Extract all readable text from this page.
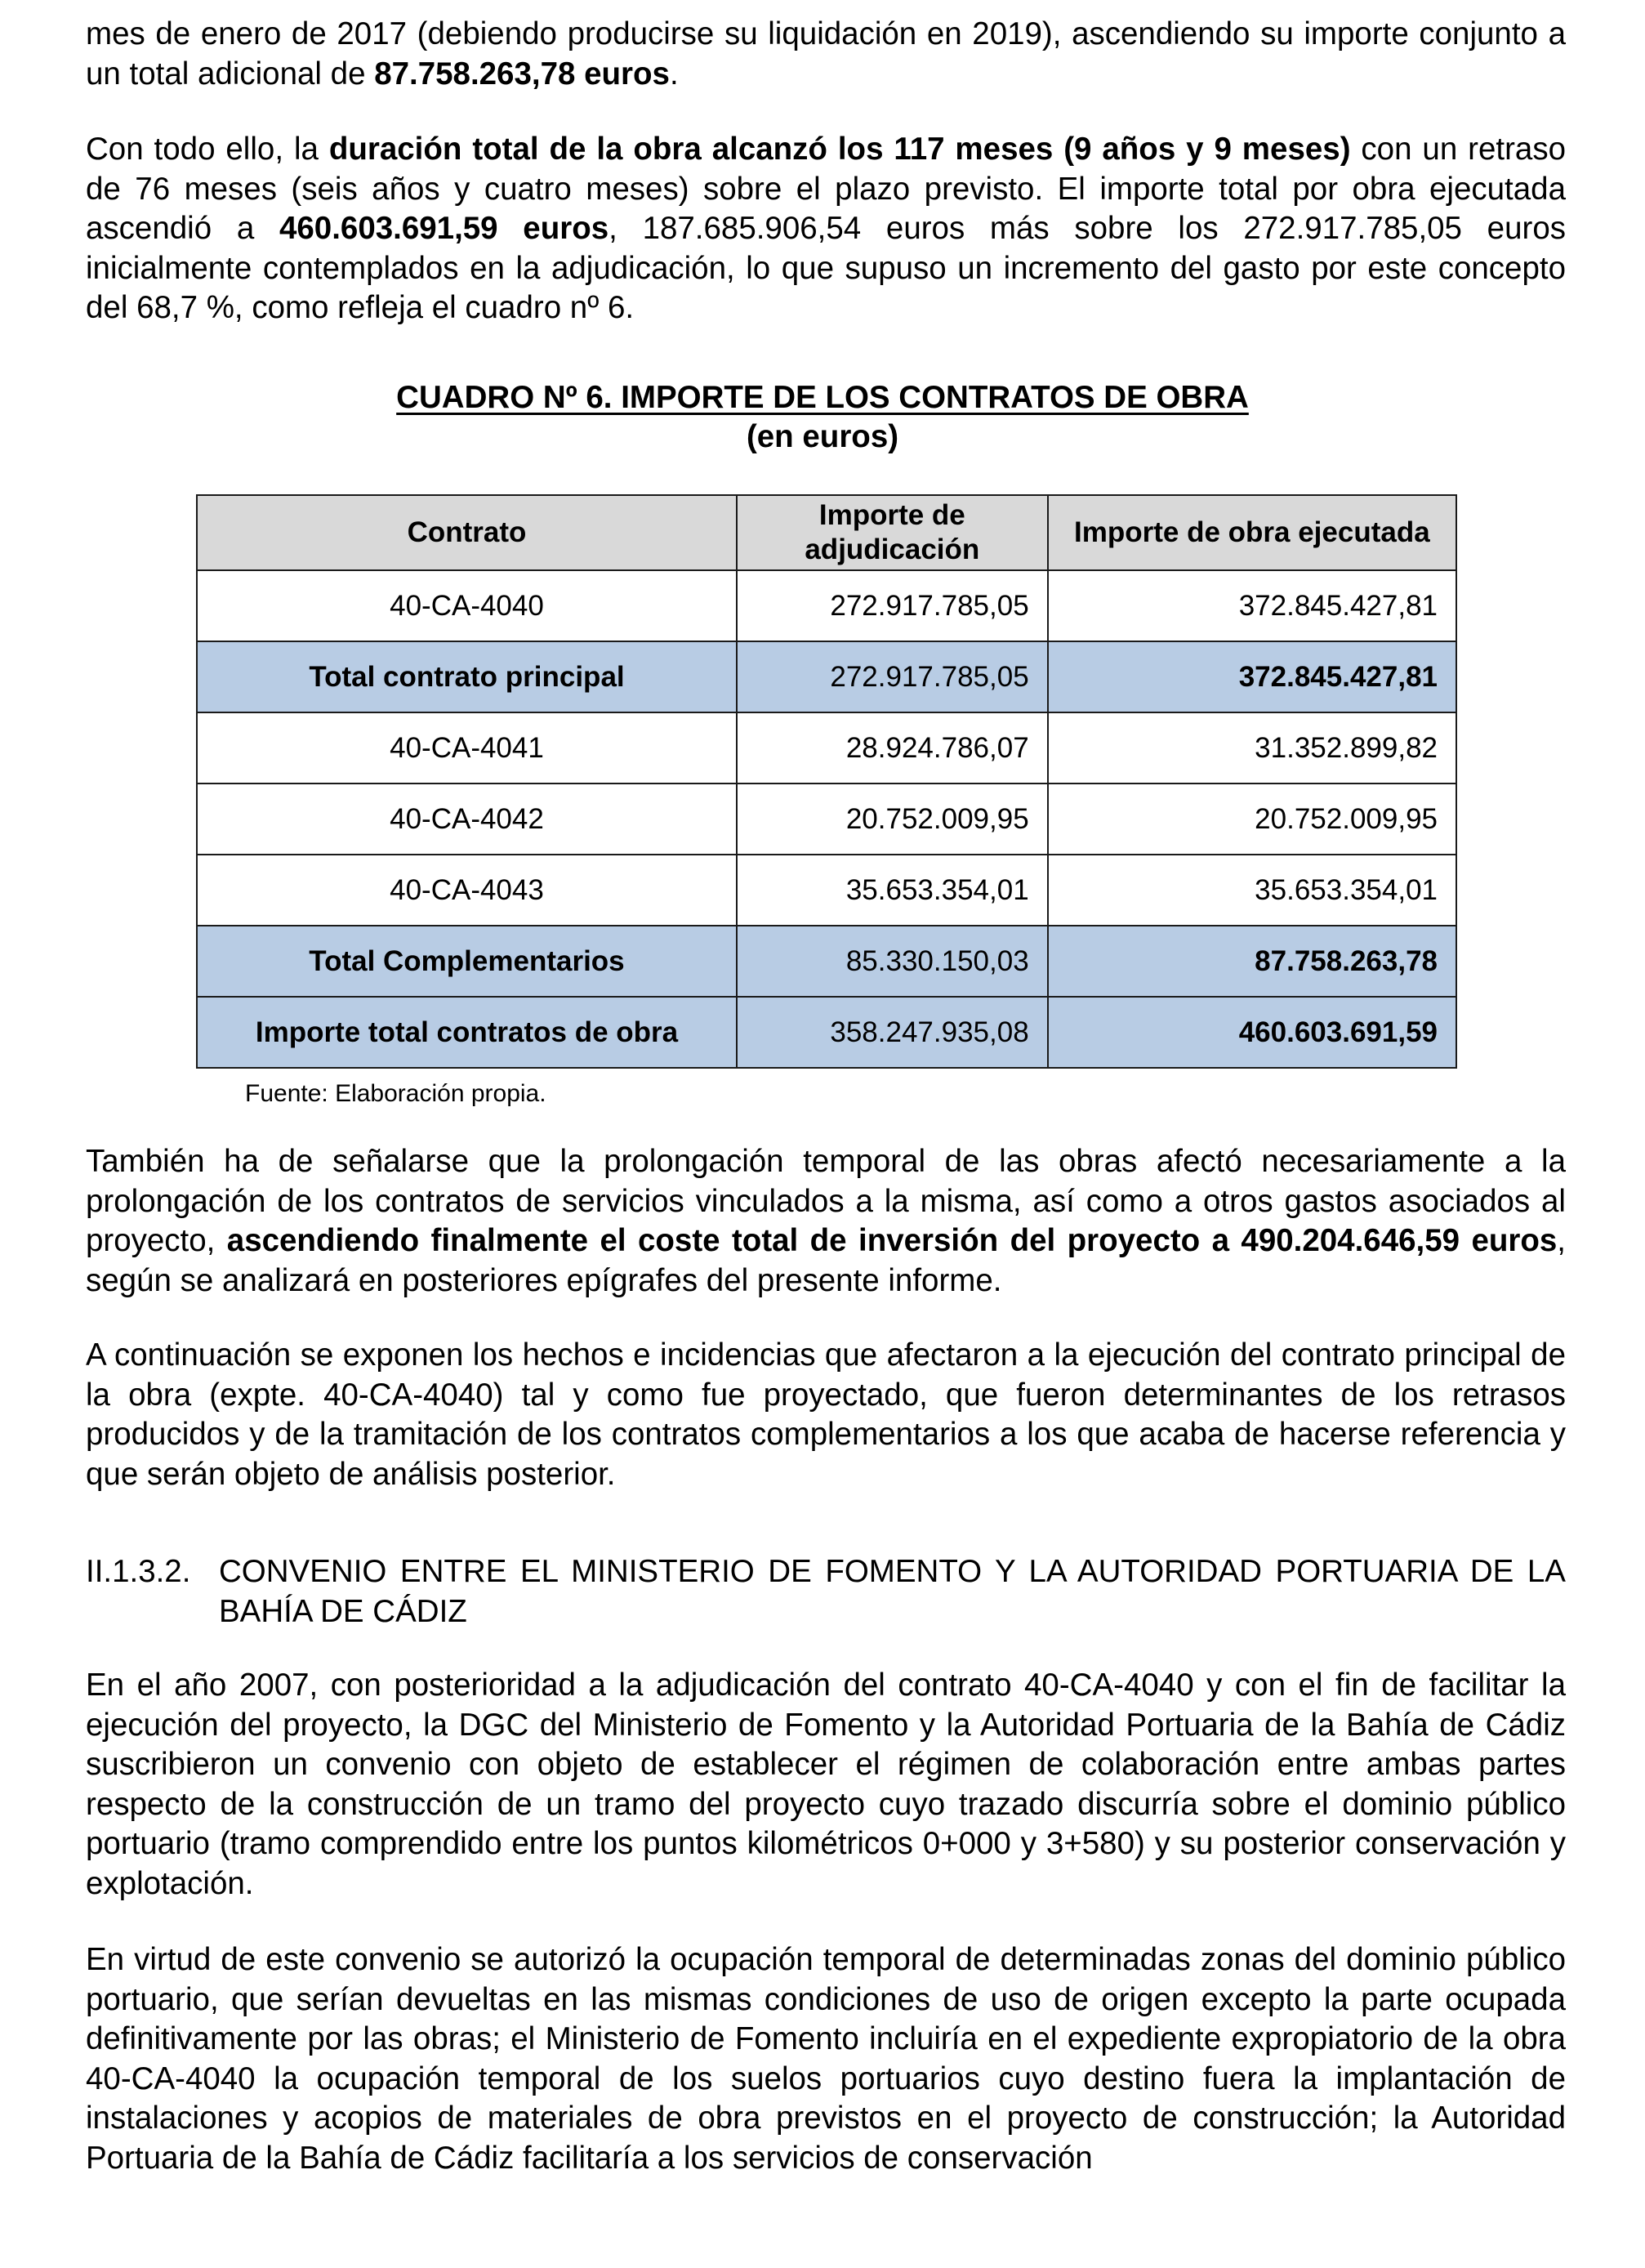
mes de enero de 2017 (debiendo producirse su liquidación en 2019), ascendiendo su importe conjunto a un total adicional de 87.758.263,78 euros.

Con todo ello, la duración total de la obra alcanzó los 117 meses (9 años y 9 meses) con un retraso de 76 meses (seis años y cuatro meses) sobre el plazo previsto. El importe total por obra ejecutada ascendió a 460.603.691,59 euros, 187.685.906,54 euros más sobre los 272.917.785,05 euros inicialmente contemplados en la adjudicación, lo que supuso un incremento del gasto por este concepto del 68,7 %, como refleja el cuadro nº 6.

CUADRO Nº 6. IMPORTE DE LOS CONTRATOS DE OBRA
(en euros)
Contrato	Importe de adjudicación	Importe de obra ejecutada
40-CA-4040	272.917.785,05	372.845.427,81
Total contrato principal	272.917.785,05	372.845.427,81
40-CA-4041	28.924.786,07	31.352.899,82
40-CA-4042	20.752.009,95	20.752.009,95
40-CA-4043	35.653.354,01	35.653.354,01
Total Complementarios	85.330.150,03	87.758.263,78
Importe total contratos de obra	358.247.935,08	460.603.691,59

Fuente: Elaboración propia.

También ha de señalarse que la prolongación temporal de las obras afectó necesariamente a la prolongación de los contratos de servicios vinculados a la misma, así como a otros gastos asociados al proyecto, ascendiendo finalmente el coste total de inversión del proyecto a 490.204.646,59 euros, según se analizará en posteriores epígrafes del presente informe.

A continuación se exponen los hechos e incidencias que afectaron a la ejecución del contrato principal de la obra (expte. 40-CA-4040) tal y como fue proyectado, que fueron determinantes de los retrasos producidos y de la tramitación de los contratos complementarios a los que acaba de hacerse referencia y que serán objeto de análisis posterior.

II.1.3.2. CONVENIO ENTRE EL MINISTERIO DE FOMENTO Y LA AUTORIDAD PORTUARIA DE LA BAHÍA DE CÁDIZ

En el año 2007, con posterioridad a la adjudicación del contrato 40-CA-4040 y con el fin de facilitar la ejecución del proyecto, la DGC del Ministerio de Fomento y la Autoridad Portuaria de la Bahía de Cádiz suscribieron un convenio con objeto de establecer el régimen de colaboración entre ambas partes respecto de la construcción de un tramo del proyecto cuyo trazado discurría sobre el dominio público portuario (tramo comprendido entre los puntos kilométricos 0+000 y 3+580) y su posterior conservación y explotación.

En virtud de este convenio se autorizó la ocupación temporal de determinadas zonas del dominio público portuario, que serían devueltas en las mismas condiciones de uso de origen excepto la parte ocupada definitivamente por las obras; el Ministerio de Fomento incluiría en el expediente expropiatorio de la obra 40-CA-4040 la ocupación temporal de los suelos portuarios cuyo destino fuera la implantación de instalaciones y acopios de materiales de obra previstos en el proyecto de construcción; la Autoridad Portuaria de la Bahía de Cádiz facilitaría a los servicios de conservación
